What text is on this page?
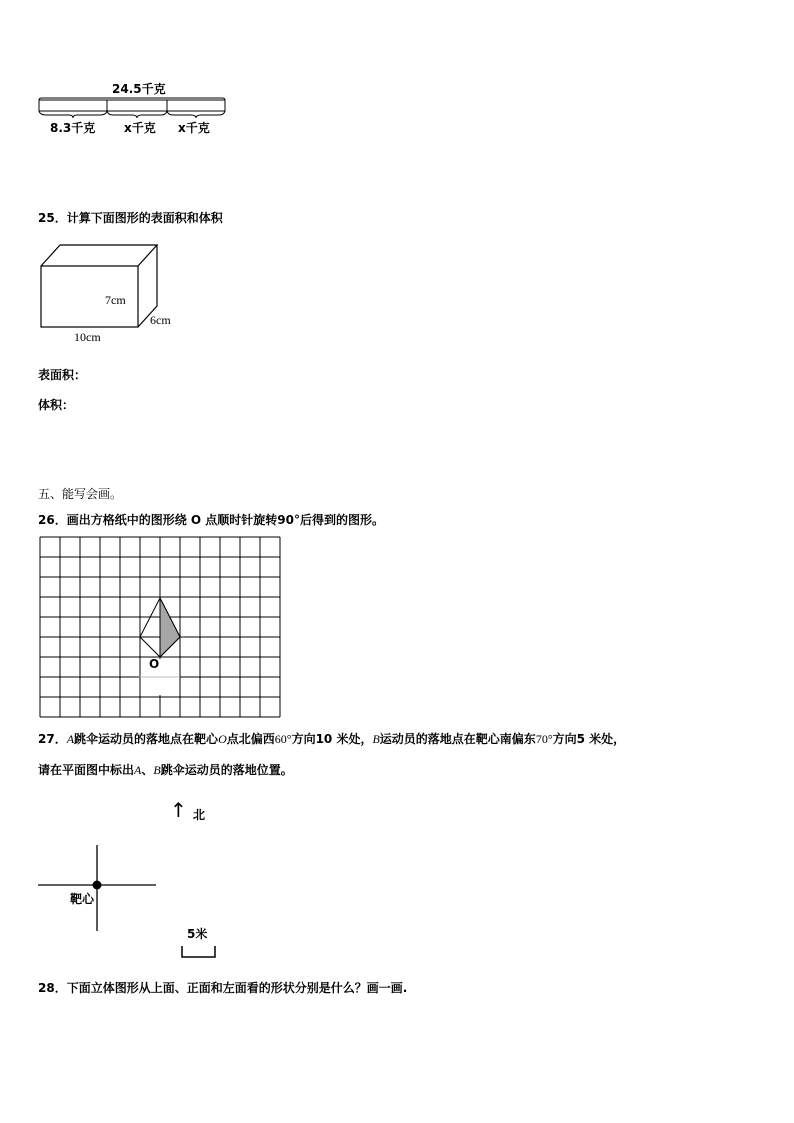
24.5千克
8.3千克 x千克 x千克
25．计算下面图形的表面积和体积
7cm
6cm
10cm
表面积：
体积：
五、能写会画。
26．画出方格纸中的图形绕 O 点顺时针旋转90°后得到的图形。
O
27．A跳伞运动员的落地点在靶心O点北偏西60°方向10 米处，B运动员的落地点在靶心南偏东70°方向5 米处，
请在平面图中标出A、B跳伞运动员的落地位置。
↑ 北
靶心
5米
28．下面立体图形从上面、正面和左面看的形状分别是什么？画一画.
